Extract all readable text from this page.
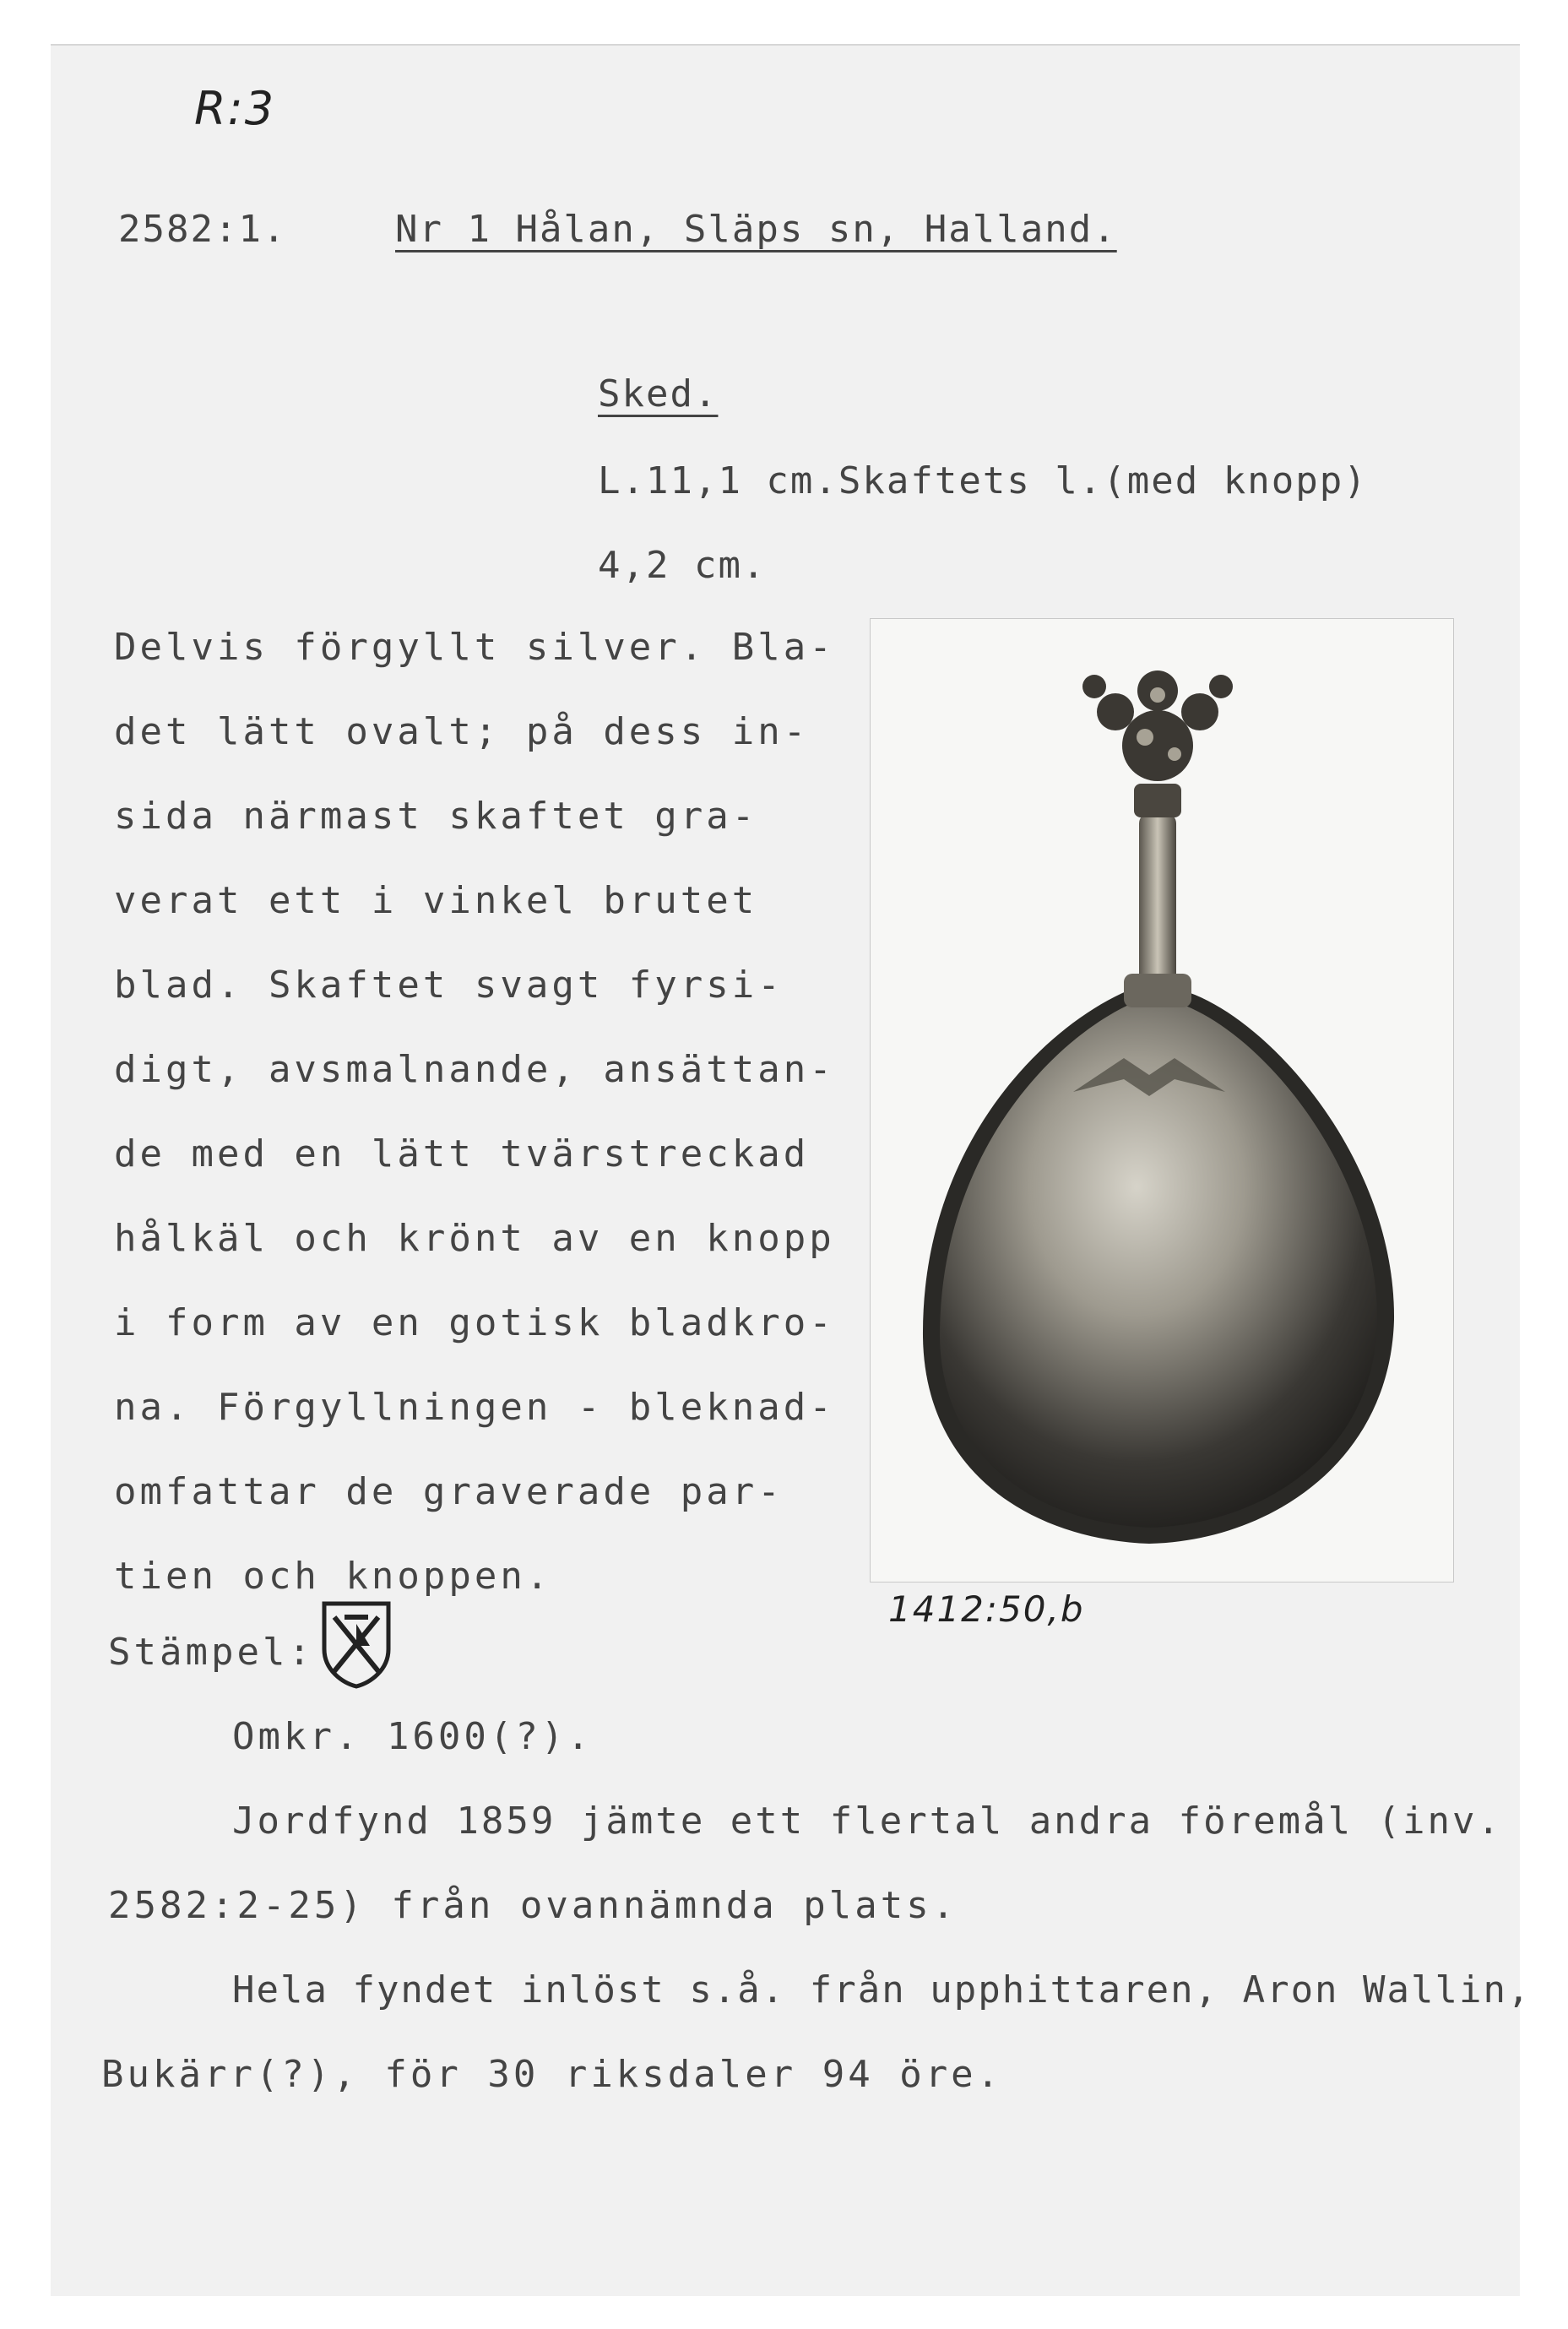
R:3
2582:1.	Nr 1 Hålan, Släps sn, Halland.
Sked.
L.11,1 cm.Skaftets l.(med knopp)
4,2 cm.
Delvis förgyllt silver. Bla-
det lätt ovalt; på dess in-
sida närmast skaftet gra-
verat ett i vinkel brutet
blad. Skaftet svagt fyrsi-
digt, avsmalnande, ansättan-
de med en lätt tvärstreckad
hålkäl och krönt av en knopp
i form av en gotisk bladkro-
na. Förgyllningen - bleknad-
omfattar de graverade par-
tien och knoppen.
1412:50,b
Stämpel:
Omkr. 1600(?).
Jordfynd 1859 jämte ett flertal andra föremål (inv.
2582:2-25) från ovannämnda plats.
Hela fyndet inlöst s.å. från upphittaren, Aron Wallin,
Bukärr(?), för 30 riksdaler 94 öre.
